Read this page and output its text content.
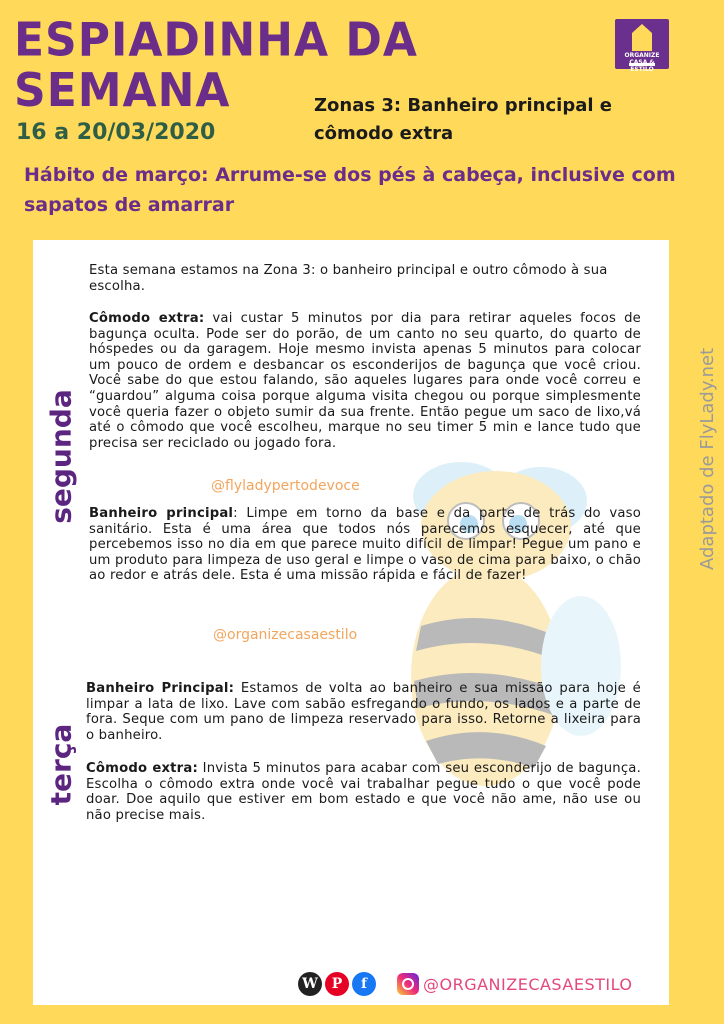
ESPIADINHA DA
SEMANA
16 a 20/03/2020
Zonas 3: Banheiro principal e cômodo extra
ORGANIZE ESTILO
Hábito de março: Arrume-se dos pés à cabeça, inclusive com sapatos de amarrar
segunda
terça
Esta semana estamos na Zona 3: o banheiro principal e outro cômodo à sua escolha.
Cômodo extra: vai custar 5 minutos por dia para retirar aqueles focos de bagunça oculta. Pode ser do porão, de um canto no seu quarto, do quarto de hóspedes ou da garagem. Hoje mesmo invista apenas 5 minutos para colocar um pouco de ordem e desbancar os esconderijos de bagunça que você criou. Você sabe do que estou falando, são aqueles lugares para onde você correu e “guardou” alguma coisa porque alguma visita chegou ou porque simplesmente você queria fazer o objeto sumir da sua frente. Então pegue um saco de lixo,vá até o cômodo que você escolheu, marque no seu timer 5 min e lance tudo que precisa ser reciclado ou jogado fora.
@flyladypertodevoce
Banheiro principal: Limpe em torno da base e da parte de trás do vaso sanitário. Esta é uma área que todos nós parecemos esquecer, até que percebemos isso no dia em que parece muito difícil de limpar! Pegue um pano e um produto para limpeza de uso geral e limpe o vaso de cima para baixo, o chão ao redor e atrás dele. Esta é uma missão rápida e fácil de fazer!
@organizecasaestilo
Banheiro Principal: Estamos de volta ao banheiro e sua missão para hoje é limpar a lata de lixo. Lave com sabão esfregando o fundo, os lados e a parte de fora. Seque com um pano de limpeza reservado para isso. Retorne a lixeira para o banheiro.
Cômodo extra: Invista 5 minutos para acabar com seu esconderijo de bagunça. Escolha o cômodo extra onde você vai trabalhar pegue tudo o que você pode doar. Doe aquilo que estiver em bom estado e que você não ame, não use ou não precise mais.
Adaptado de FlyLady.net
W P	f	@ORGANIZECASAESTILO
